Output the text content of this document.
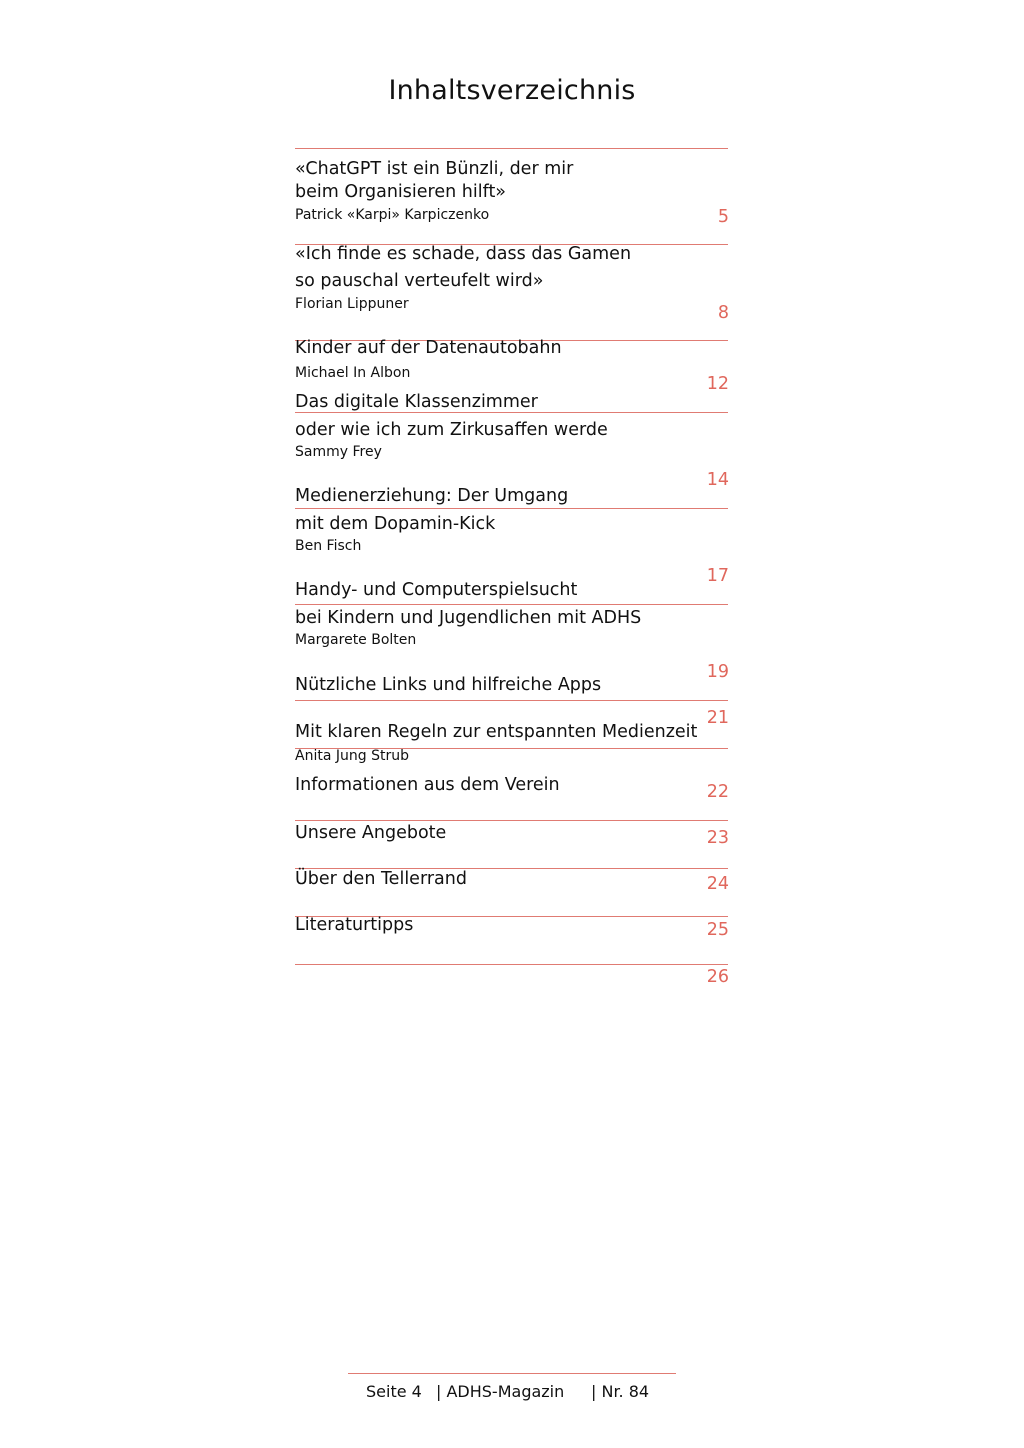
Inhaltsverzeichnis
«ChatGPT ist ein Bünzli, der mir
beim Organisieren hilft»
Patrick «Karpi» Karpiczenko	5
«Ich finde es schade, dass das Gamen
so pauschal verteufelt wird»
Florian Lippuner	8
Kinder auf der Datenautobahn
Michael In Albon
12
Das digitale Klassenzimmer
oder wie ich zum Zirkusaffen werde
Sammy Frey
14
Medienerziehung: Der Umgang
mit dem Dopamin-Kick
Ben Fisch
17
Handy- und Computerspielsucht
bei Kindern und Jugendlichen mit ADHS
Margarete Bolten
19
Nützliche Links und hilfreiche Apps
21
Mit klaren Regeln zur entspannten Medienzeit
Anita Jung Strub
22
Informationen aus dem Verein
23
Unsere Angebote
24
Über den Tellerrand
25
Literaturtipps
26
Seite 4 | ADHS-Magazin | Nr. 84
